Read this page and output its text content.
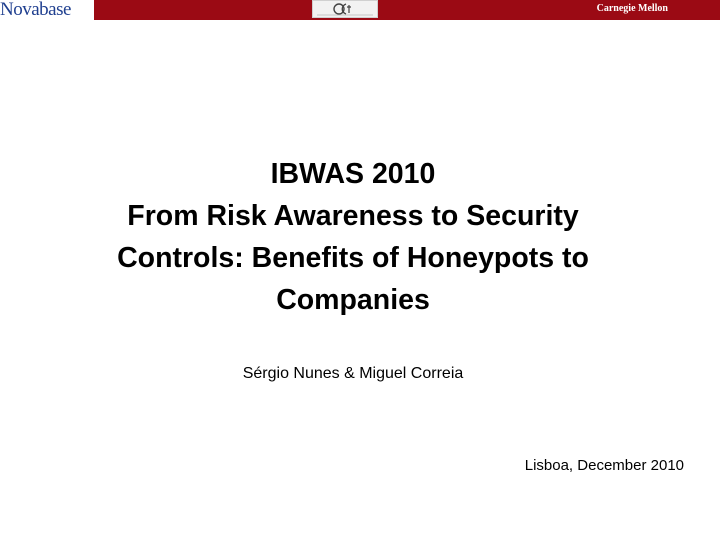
Novabase	Carnegie Mellon
IBWAS 2010
From Risk Awareness to Security
Controls: Benefits of Honeypots to
Companies
Sérgio Nunes & Miguel Correia
Lisboa, December 2010
